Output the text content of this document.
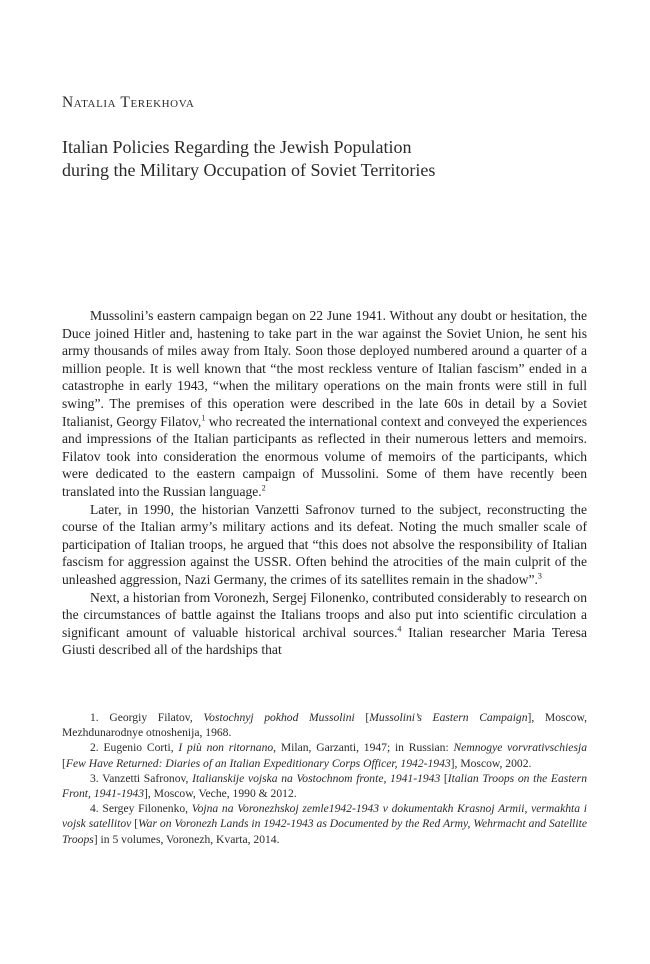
Natalia Terekhova
Italian Policies Regarding the Jewish Population
during the Military Occupation of Soviet Territories

Mussolini’s eastern campaign began on 22 June 1941. Without any doubt or hesitation, the Duce joined Hitler and, hastening to take part in the war against the Soviet Union, he sent his army thousands of miles away from Italy. Soon those deployed numbered around a quarter of a million people. It is well known that “the most reckless venture of Italian fascism” ended in a catastrophe in early 1943, “when the military operations on the main fronts were still in full swing”. The premises of this operation were described in the late 60s in detail by a Soviet Italianist, Georgy Filatov,$^1$ who recreated the international context and conveyed the experiences and impressions of the Italian participants as reflected in their numerous letters and memoirs. Filatov took into consideration the enormous volume of memoirs of the participants, which were dedicated to the eastern campaign of Mussolini. Some of them have recently been translated into the Russian language.$^2$

Later, in 1990, the historian Vanzetti Safronov turned to the subject, reconstructing the course of the Italian army’s military actions and its defeat. Noting the much smaller scale of participation of Italian troops, he argued that “this does not absolve the responsibility of Italian fascism for aggression against the USSR. Often behind the atrocities of the main culprit of the unleashed aggression, Nazi Germany, the crimes of its satellites remain in the shadow”.$^3$

Next, a historian from Voronezh, Sergej Filonenko, contributed considerably to research on the circumstances of battle against the Italians troops and also put into scientific circulation a significant amount of valuable historical archival sources.$^4$ Italian researcher Maria Teresa Giusti described all of the hardships that

1. Georgiy Filatov, Vostochnyj pokhod Mussolini [Mussolini’s Eastern Campaign], Moscow, Mezhdunarodnye otnoshenija, 1968.

2. Eugenio Corti, I più non ritornano, Milan, Garzanti, 1947; in Russian: Nemnogye vorvrativschiesja [Few Have Returned: Diaries of an Italian Expeditionary Corps Officer, 1942-1943], Moscow, 2002.

3. Vanzetti Safronov, Italianskije vojska na Vostochnom fronte, 1941-1943 [Italian Troops on the Eastern Front, 1941-1943], Moscow, Veche, 1990 & 2012.

4. Sergey Filonenko, Vojna na Voronezhskoj zemle1942-1943 v dokumentakh Krasnoj Armii, vermakhta i vojsk satellitov [War on Voronezh Lands in 1942-1943 as Documented by the Red Army, Wehrmacht and Satellite Troops] in 5 volumes, Voronezh, Kvarta, 2014.
